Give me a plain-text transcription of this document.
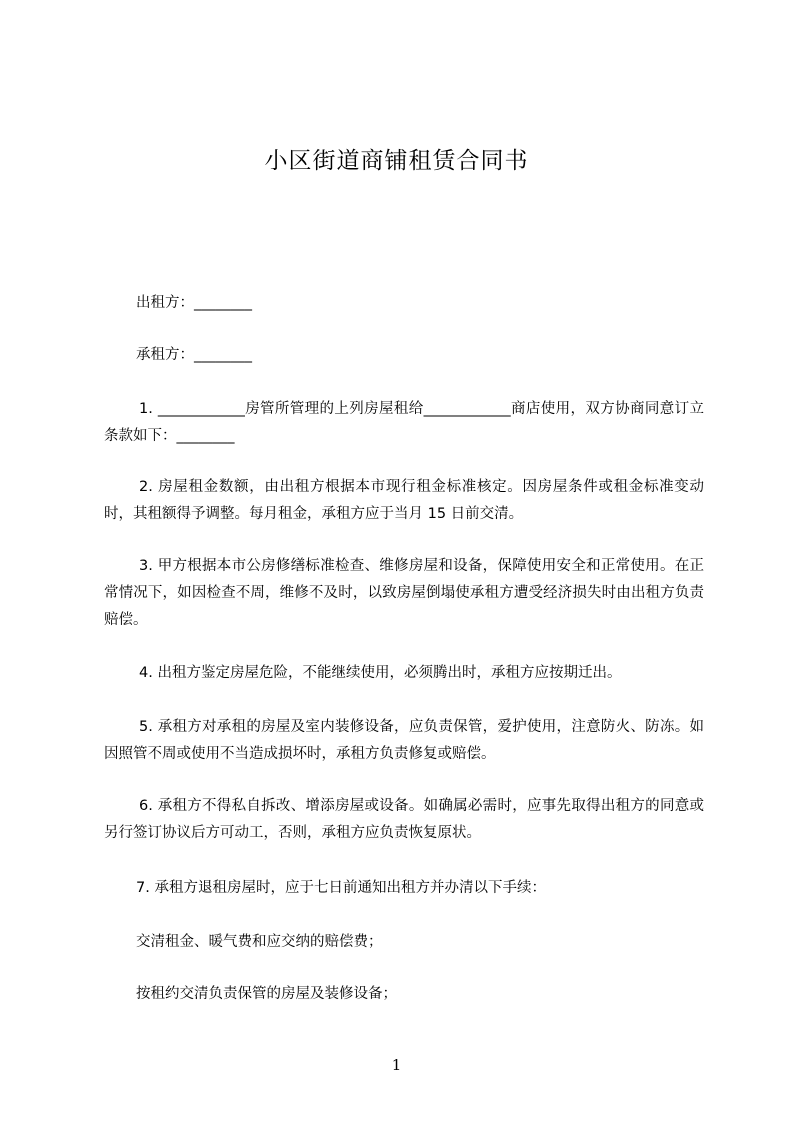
小区街道商铺租赁合同书

出租方：________

承租方：________

1. ____________房管所管理的上列房屋租给____________商店使用，双方协商同意订立条款如下：________

2. 房屋租金数额，由出租方根据本市现行租金标准核定。因房屋条件或租金标准变动时，其租额得予调整。每月租金，承租方应于当月 15 日前交清。

3. 甲方根据本市公房修缮标准检查、维修房屋和设备，保障使用安全和正常使用。在正常情况下，如因检查不周，维修不及时，以致房屋倒塌使承租方遭受经济损失时由出租方负责赔偿。

4. 出租方鉴定房屋危险，不能继续使用，必须腾出时，承租方应按期迁出。

5. 承租方对承租的房屋及室内装修设备，应负责保管，爱护使用，注意防火、防冻。如因照管不周或使用不当造成损坏时，承租方负责修复或赔偿。

6. 承租方不得私自拆改、增添房屋或设备。如确属必需时，应事先取得出租方的同意或另行签订协议后方可动工，否则，承租方应负责恢复原状。

7. 承租方退租房屋时，应于七日前通知出租方并办清以下手续：

交清租金、暖气费和应交纳的赔偿费；

按租约交清负责保管的房屋及装修设备；

1
